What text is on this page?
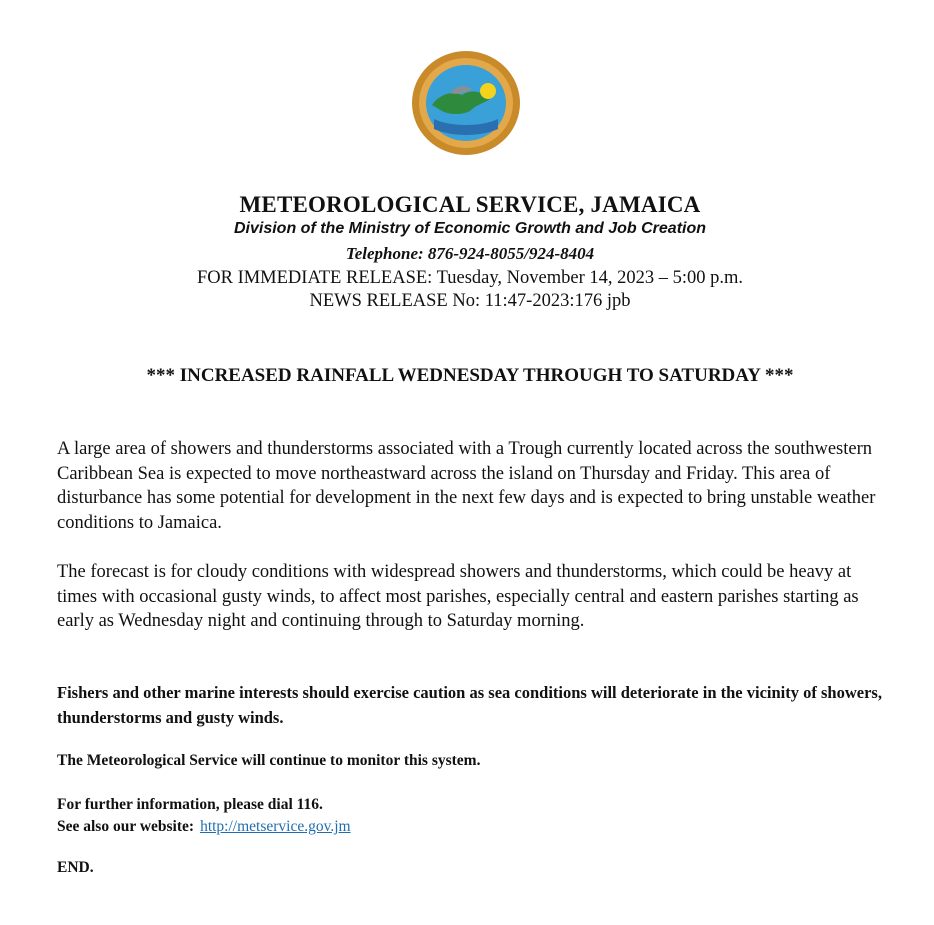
METEOROLOGICAL SERVICE, JAMAICA

Division of the Ministry of Economic Growth and Job Creation

Telephone: 876-924-8055/924-8404

FOR IMMEDIATE RELEASE: Tuesday, November 14, 2023 – 5:00 p.m.

NEWS RELEASE No: 11:47-2023:176 jpb

*** INCREASED RAINFALL WEDNESDAY THROUGH TO SATURDAY ***

A large area of showers and thunderstorms associated with a Trough currently located across the southwestern Caribbean Sea is expected to move northeastward across the island on Thursday and Friday. This area of disturbance has some potential for development in the next few days and is expected to bring unstable weather conditions to Jamaica.

The forecast is for cloudy conditions with widespread showers and thunderstorms, which could be heavy at times with occasional gusty winds, to affect most parishes, especially central and eastern parishes starting as early as Wednesday night and continuing through to Saturday morning.

Fishers and other marine interests should exercise caution as sea conditions will deteriorate in the vicinity of showers, thunderstorms and gusty winds.

The Meteorological Service will continue to monitor this system.

For further information, please dial 116.

See also our website: http://metservice.gov.jm

END.
